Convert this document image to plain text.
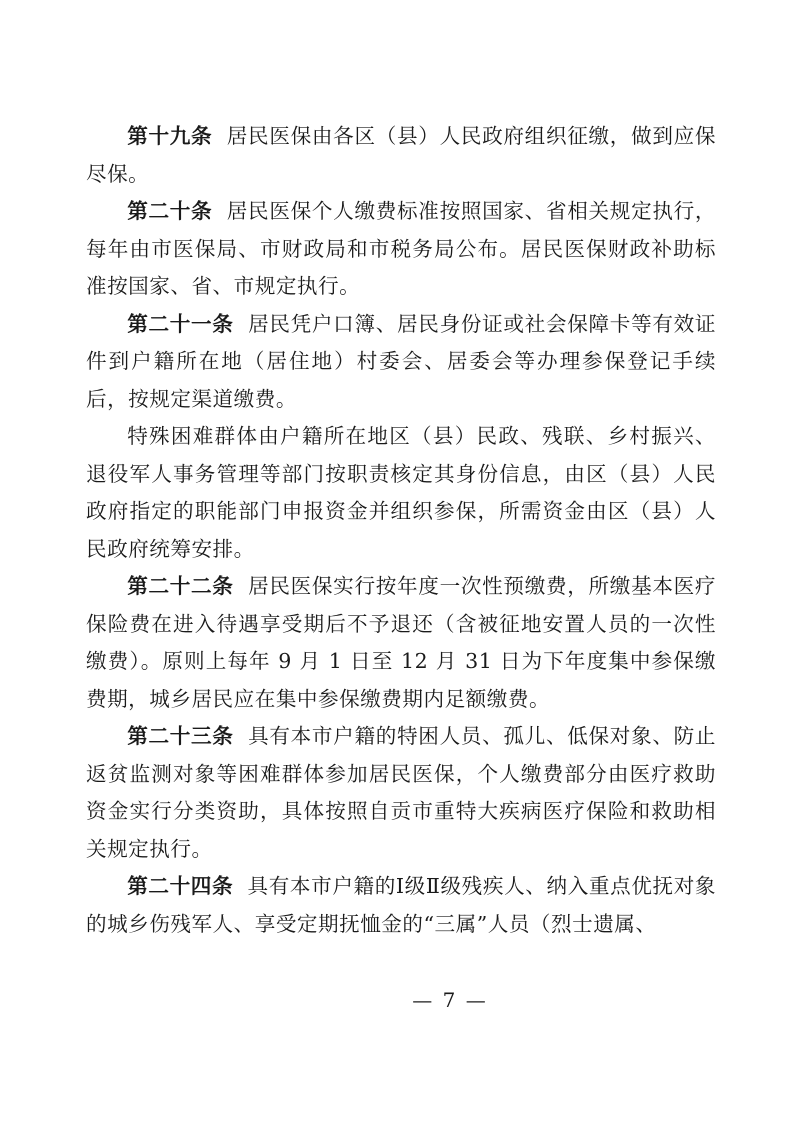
第十九条 居民医保由各区（县）人民政府组织征缴，做到应保尽保。

第二十条 居民医保个人缴费标准按照国家、省相关规定执行，每年由市医保局、市财政局和市税务局公布。居民医保财政补助标准按国家、省、市规定执行。

第二十一条 居民凭户口簿、居民身份证或社会保障卡等有效证件到户籍所在地（居住地）村委会、居委会等办理参保登记手续后，按规定渠道缴费。

特殊困难群体由户籍所在地区（县）民政、残联、乡村振兴、退役军人事务管理等部门按职责核定其身份信息，由区（县）人民政府指定的职能部门申报资金并组织参保，所需资金由区（县）人民政府统筹安排。

第二十二条 居民医保实行按年度一次性预缴费，所缴基本医疗保险费在进入待遇享受期后不予退还（含被征地安置人员的一次性缴费）。原则上每年 9 月 1 日至 12 月 31 日为下年度集中参保缴费期，城乡居民应在集中参保缴费期内足额缴费。

第二十三条 具有本市户籍的特困人员、孤儿、低保对象、防止返贫监测对象等困难群体参加居民医保，个人缴费部分由医疗救助资金实行分类资助，具体按照自贡市重特大疾病医疗保险和救助相关规定执行。

第二十四条 具有本市户籍的Ⅰ级Ⅱ级残疾人、纳入重点优抚对象的城乡伤残军人、享受定期抚恤金的“三属”人员（烈士遗属、

— 7 —
